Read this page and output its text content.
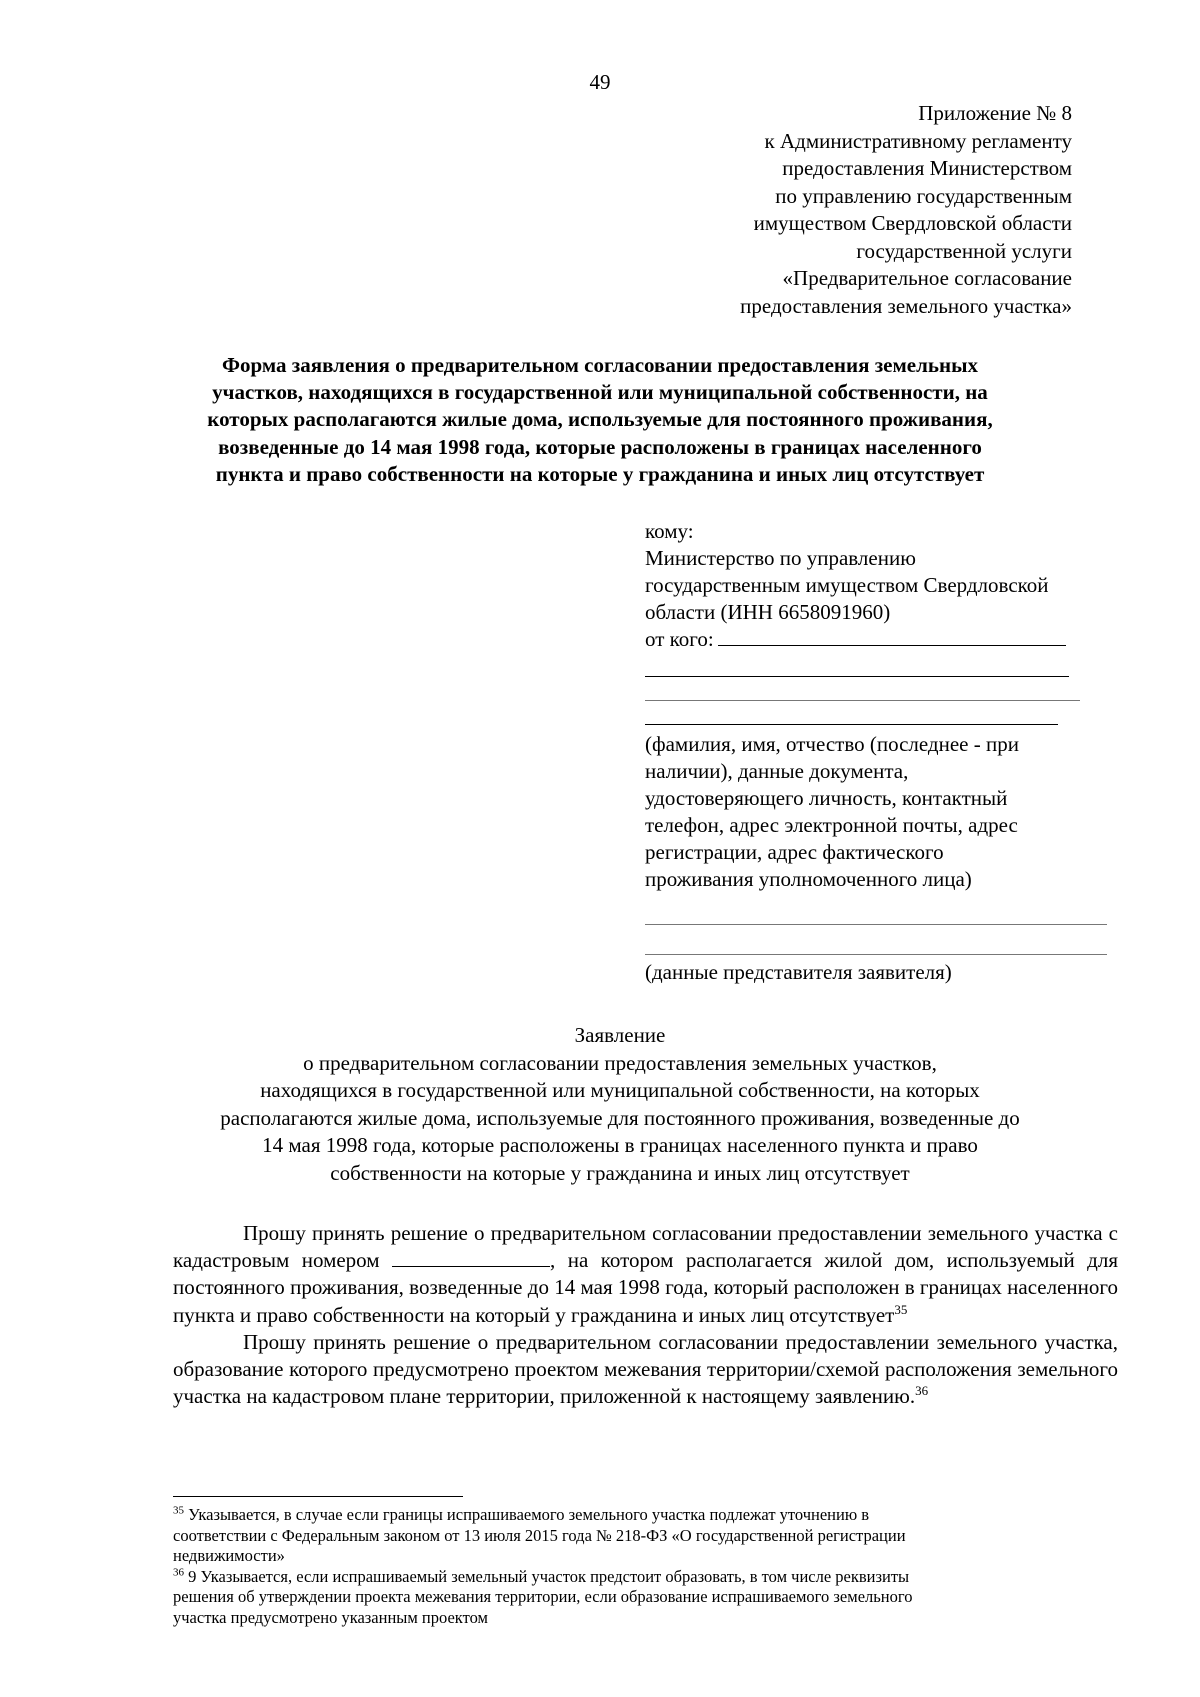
49
Приложение № 8
к Административному регламенту
предоставления Министерством
по управлению государственным
имуществом Свердловской области
государственной услуги
«Предварительное согласование
предоставления земельного участка»
Форма заявления о предварительном согласовании предоставления земельных
участков, находящихся в государственной или муниципальной собственности, на
которых располагаются жилые дома, используемые для постоянного проживания,
возведенные до 14 мая 1998 года, которые расположены в границах населенного
пункта и право собственности на которые у гражданина и иных лиц отсутствует
кому:
Министерство по управлению
государственным имуществом Свердловской
области (ИНН 6658091960)
от кого:
(фамилия, имя, отчество (последнее - при
наличии), данные документа,
удостоверяющего личность, контактный
телефон, адрес электронной почты, адрес
регистрации, адрес фактического
проживания уполномоченного лица)
(данные представителя заявителя)
Заявление
о предварительном согласовании предоставления земельных участков,
находящихся в государственной или муниципальной собственности, на которых
располагаются жилые дома, используемые для постоянного проживания, возведенные до
14 мая 1998 года, которые расположены в границах населенного пункта и право
собственности на которые у гражданина и иных лиц отсутствует
Прошу принять решение о предварительном согласовании предоставлении земельного участка с кадастровым номером	, на котором располагается жилой дом, используемый для постоянного проживания, возведенные до 14 мая 1998 года, который расположен в границах населенного пункта и право собственности на который у гражданина и иных лиц отсутствует$^{35}$
Прошу принять решение о предварительном согласовании предоставлении земельного участка, образование которого предусмотрено проектом межевания территории/схемой расположения земельного участка на кадастровом плане территории, приложенной к настоящему заявлению.$^{36}$
$^{35}$ Указывается, в случае если границы испрашиваемого земельного участка подлежат уточнению в
соответствии с Федеральным законом от 13 июля 2015 года № 218-ФЗ «О государственной регистрации
недвижимости»
$^{36}$ 9 Указывается, если испрашиваемый земельный участок предстоит образовать, в том числе реквизиты
решения об утверждении проекта межевания территории, если образование испрашиваемого земельного
участка предусмотрено указанным проектом
